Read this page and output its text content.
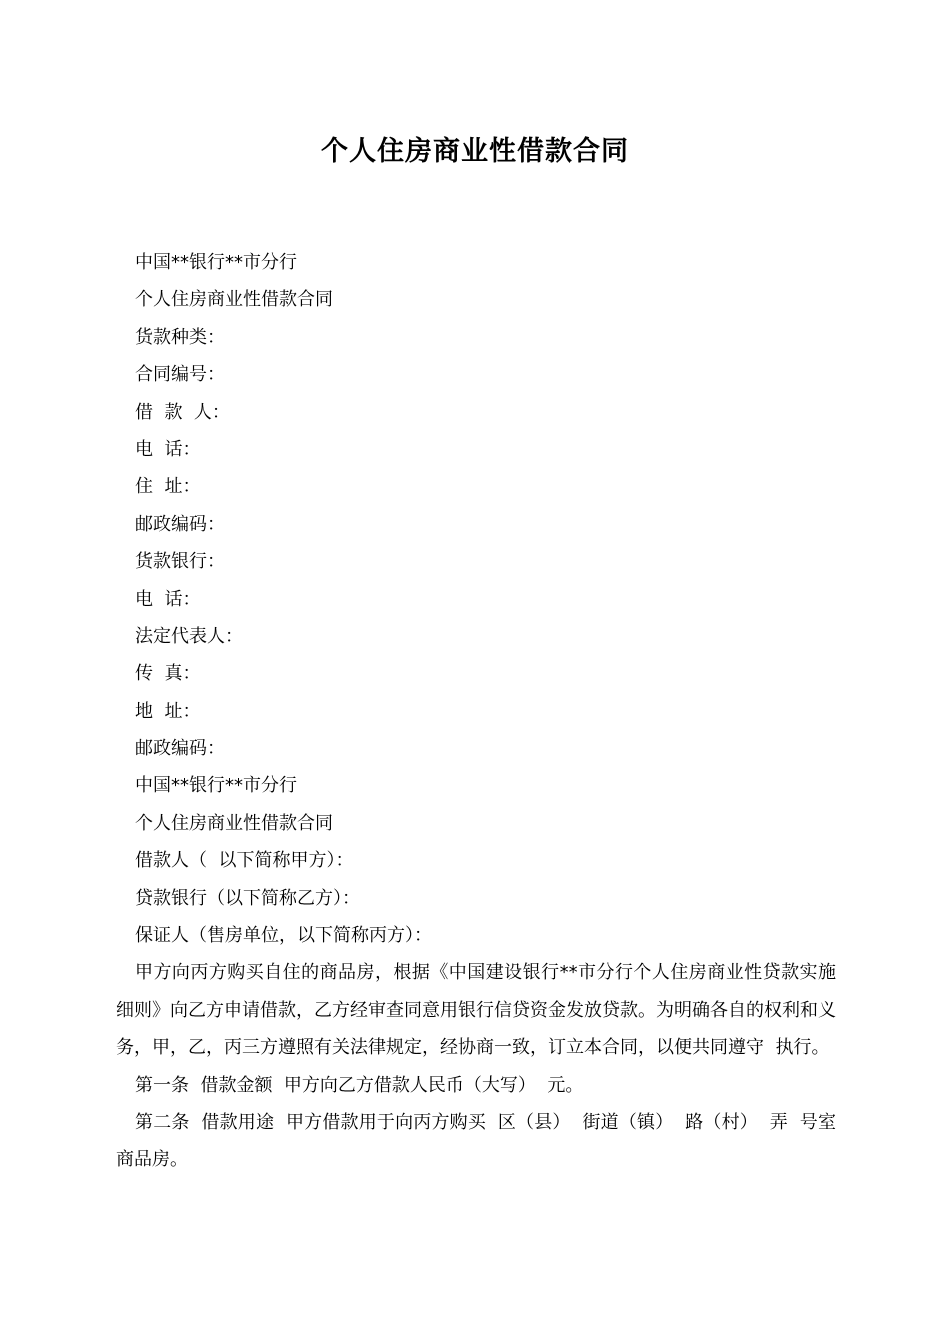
个人住房商业性借款合同

中国**银行**市分行

个人住房商业性借款合同

货款种类：

合同编号：

借  款  人：

电  话：

住  址：

邮政编码：

货款银行：

电  话：

法定代表人：

传  真：

地  址：

邮政编码：

中国**银行**市分行

个人住房商业性借款合同

借款人（  以下简称甲方）：

贷款银行（以下简称乙方）：

保证人（售房单位，以下简称丙方）：

甲方向丙方购买自住的商品房，根据《中国建设银行**市分行个人住房商业性贷款实施细则》向乙方申请借款，乙方经审查同意用银行信贷资金发放贷款。为明确各自的权利和义务，甲，乙，丙三方遵照有关法律规定，经协商一致，订立本合同，以便共同遵守  执行。

第一条  借款金额  甲方向乙方借款人民币（大写）  元。

第二条  借款用途  甲方借款用于向丙方购买  区（县）  街道（镇）  路（村）  弄  号室商品房。
